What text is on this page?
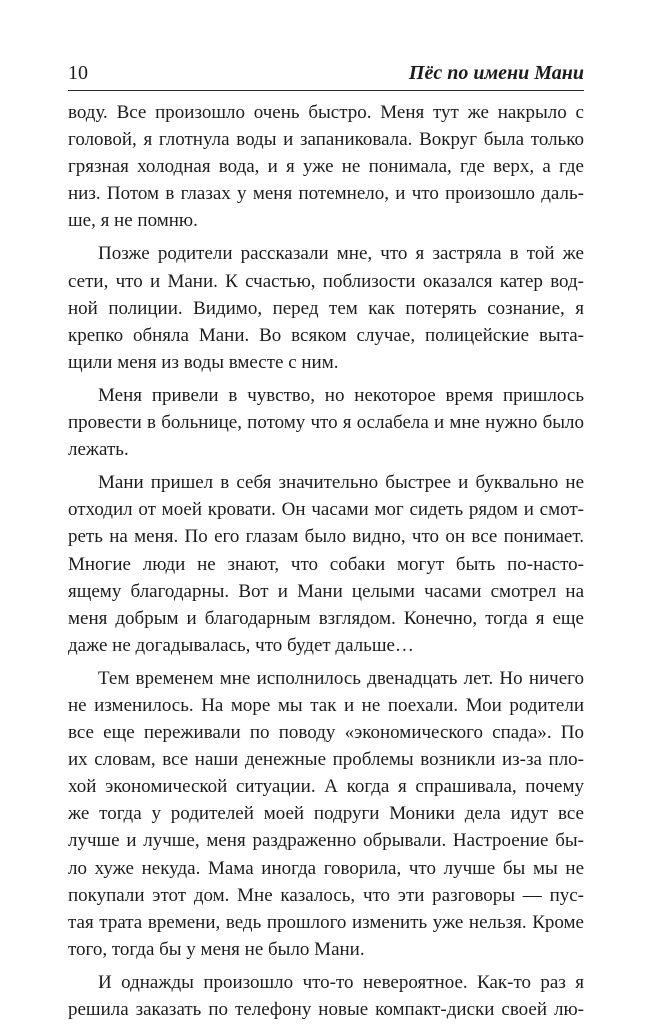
10	Пёс по имени Мани
воду. Все произошло очень быстро. Меня тут же накрыло с
головой, я глотнула воды и запаниковала. Вокруг была только
грязная холодная вода, и я уже не понимала, где верх, а где
низ. Потом в глазах у меня потемнело, и что произошло даль-
ше, я не помню.
Позже родители рассказали мне, что я застряла в той же
сети, что и Мани. К счастью, поблизости оказался катер вод-
ной полиции. Видимо, перед тем как потерять сознание, я
крепко обняла Мани. Во всяком случае, полицейские выта-
щили меня из воды вместе с ним.
Меня привели в чувство, но некоторое время пришлось
провести в больнице, потому что я ослабела и мне нужно было
лежать.
Мани пришел в себя значительно быстрее и буквально не
отходил от моей кровати. Он часами мог сидеть рядом и смот-
реть на меня. По его глазам было видно, что он все понимает.
Многие люди не знают, что собаки могут быть по-насто-
ящему благодарны. Вот и Мани целыми часами смотрел на
меня добрым и благодарным взглядом. Конечно, тогда я еще
даже не догадывалась, что будет дальше…
Тем временем мне исполнилось двенадцать лет. Но ничего
не изменилось. На море мы так и не поехали. Мои родители
все еще переживали по поводу «экономического спада». По
их словам, все наши денежные проблемы возникли из-за пло-
хой экономической ситуации. А когда я спрашивала, почему
же тогда у родителей моей подруги Моники дела идут все
лучше и лучше, меня раздраженно обрывали. Настроение бы-
ло хуже некуда. Мама иногда говорила, что лучше бы мы не
покупали этот дом. Мне казалось, что эти разговоры — пус-
тая трата времени, ведь прошлого изменить уже нельзя. Кроме
того, тогда бы у меня не было Мани.
И однажды произошло что-то невероятное. Как-то раз я
решила заказать по телефону новые компакт-диски своей лю-
